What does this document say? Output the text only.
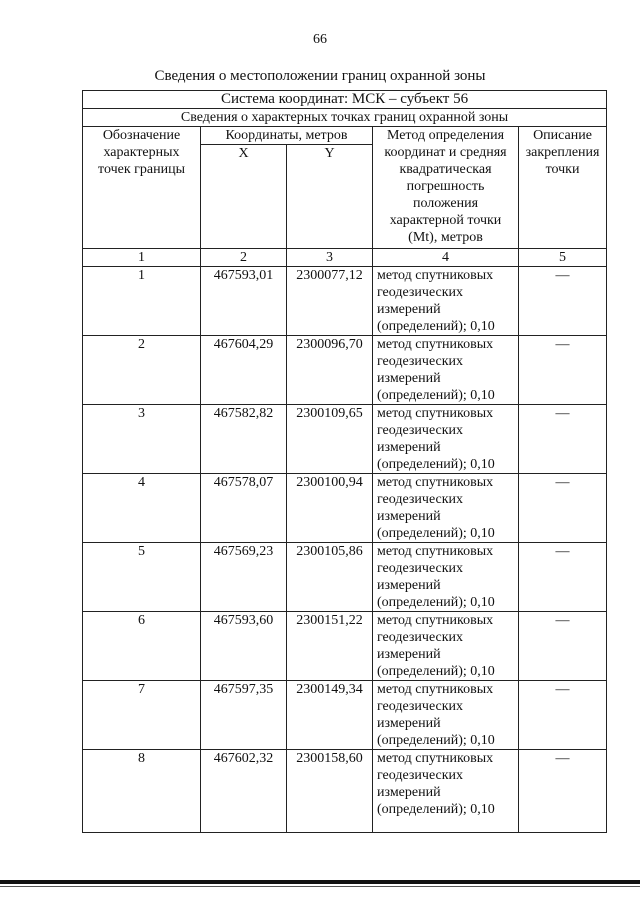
66
Сведения о местоположении границ охранной зоны
Система координат: МСК – субъект 56				
Сведения о характерных точках границ охранной зоны				
Обозначение характерных точек границы	Координаты, метров		Метод определения координат и средняя квадратическая погрешность положения характерной точки (Mt), метров	Описание закрепления точки
	X	Y		
1	2	3	4	5
1	467593,01	2300077,12	метод спутниковых геодезических измерений (определений); 0,10	—
2	467604,29	2300096,70	метод спутниковых геодезических измерений (определений); 0,10	—
3	467582,82	2300109,65	метод спутниковых геодезических измерений (определений); 0,10	—
4	467578,07	2300100,94	метод спутниковых геодезических измерений (определений); 0,10	—
5	467569,23	2300105,86	метод спутниковых геодезических измерений (определений); 0,10	—
6	467593,60	2300151,22	метод спутниковых геодезических измерений (определений); 0,10	—
7	467597,35	2300149,34	метод спутниковых геодезических измерений (определений); 0,10	—
8	467602,32	2300158,60	метод спутниковых геодезических измерений (определений); 0,10	—
